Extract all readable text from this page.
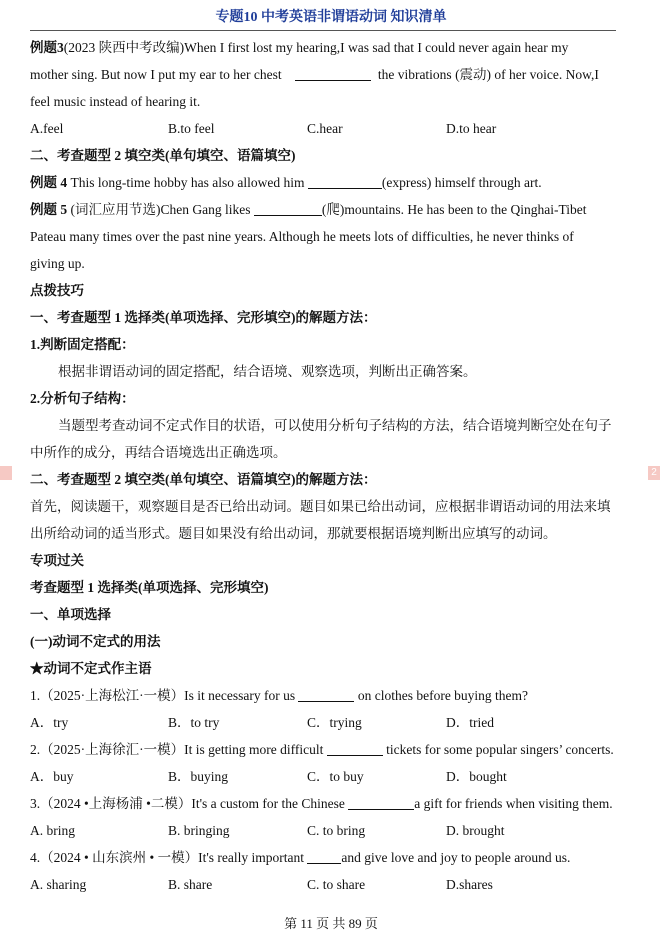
专题10 中考英语非谓语动词 知识清单
例题3(2023 陕西中考改编)When I first lost my hearing,I was sad that I could never again hear my
mother sing. But now I put my ear to her chest	the vibrations (震动) of her voice. Now,I
feel music instead of hearing it.
A.feel	B.to feel	C.hear	D.to hear
二、考查题型 2 填空类(单句填空、语篇填空)
例题 4 This long-time hobby has also allowed him	(express) himself through art.
例题 5 (词汇应用节选)Chen Gang likes	(爬)mountains. He has been to the Qinghai-Tibet
Pateau many times over the past nine years. Although he meets lots of difficulties, he never thinks of
giving up.
点拨技巧
一、考查题型 1 选择类(单项选择、完形填空)的解题方法：
1.判断固定搭配：
根据非谓语动词的固定搭配，结合语境、观察选项，判断出正确答案。
2.分析句子结构：
当题型考查动词不定式作目的状语，可以使用分析句子结构的方法，结合语境判断空处在句子
中所作的成分，再结合语境选出正确选项。
二、考查题型 2 填空类(单句填空、语篇填空)的解题方法：
首先，阅读题干，观察题目是否已给出动词。题目如果已给出动词，应根据非谓语动词的用法来填
出所给动词的适当形式。题目如果没有给出动词，那就要根据语境判断出应填写的动词。
专项过关
考查题型 1 选择类(单项选择、完形填空)
一、单项选择
(一)动词不定式的用法
★动词不定式作主语
1.（2025·上海松江·一模）Is it necessary for us	on clothes before buying them?
A．try	B．to try	C．trying	D．tried
2.（2025·上海徐汇·一模）It is getting more difficult	tickets for some popular singers’ concerts.
A．buy	B．buying	C．to buy	D．bought
3.（2024 •上海杨浦 •二模）It's a custom for the Chinese	a gift for friends when visiting them.
A. bring	B. bringing	C. to bring	D. brought
4.（2024 • 山东滨州 • 一模）It's really important	and give love and joy to people around us.
A. sharing	B. share	C. to share	D.shares
2
第 11 页 共 89 页
